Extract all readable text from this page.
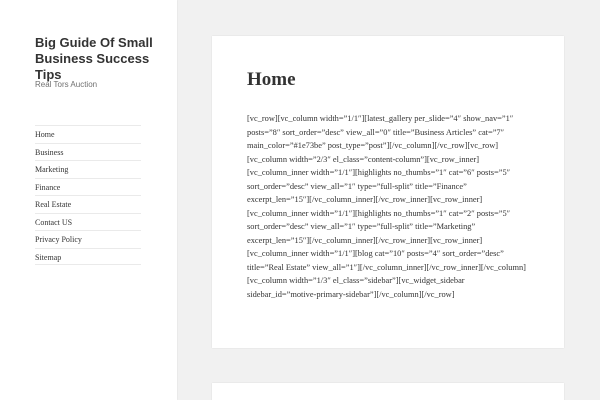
Big Guide Of Small Business Success Tips

Real Tors Auction

Home
Business
Marketing
Finance
Real Estate
Contact US
Privacy Policy
Sitemap
Home

[vc_row][vc_column width=”1/1″][latest_gallery per_slide=”4″ show_nav=”1″ posts=”8″ sort_order=”desc” view_all=”0″ title=”Business Articles” cat=”7″ main_color=”#1e73be” post_type=”post”][/vc_column][/vc_row][vc_row][vc_column width=”2/3″ el_class=”content-column”][vc_row_inner][vc_column_inner width=”1/1″][highlights no_thumbs=”1″ cat=”6″ posts=”5″ sort_order=”desc” view_all=”1″ type=”full-split” title=”Finance” excerpt_len=”15″][/vc_column_inner][/vc_row_inner][vc_row_inner][vc_column_inner width=”1/1″][highlights no_thumbs=”1″ cat=”2″ posts=”5″ sort_order=”desc” view_all=”1″ type=”full-split” title=”Marketing” excerpt_len=”15″][/vc_column_inner][/vc_row_inner][vc_row_inner][vc_column_inner width=”1/1″][blog cat=”10″ posts=”4″ sort_order=”desc” title=”Real Estate” view_all=”1″][/vc_column_inner][/vc_row_inner][/vc_column][vc_column width=”1/3″ el_class=”sidebar”][vc_widget_sidebar sidebar_id=”motive-primary-sidebar”][/vc_column][/vc_row]
